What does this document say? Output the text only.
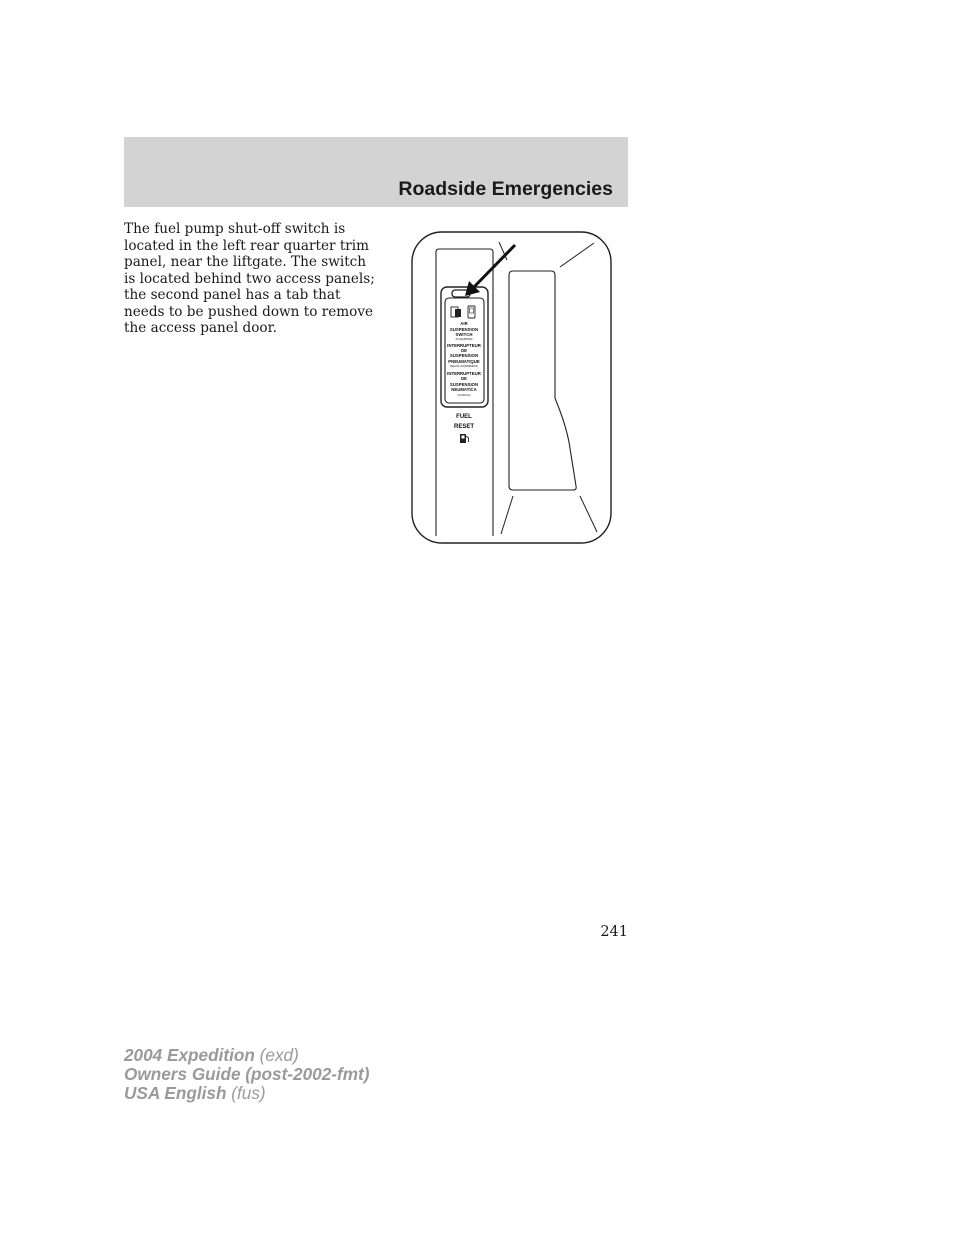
Roadside Emergencies
The fuel pump shut-off switch is
located in the left rear quarter trim
panel, near the liftgate. The switch
is located behind two access panels;
the second panel has a tab that
needs to be pushed down to remove
the access panel door.	AIR
SUSPENSION
SWITCH
(IF EQUIPPED)
INTERRUPTEUR
DE
SUSPENSION
PNEUMATIQUE
(SELON L'EQUIPEMENT)
INTERRUPTEUR
DE
SUSPENSION
NEUMATICA
(SI APLICA)
FUEL
RESET
241
2004 Expedition (exd)
Owners Guide (post-2002-fmt)
USA English (fus)
